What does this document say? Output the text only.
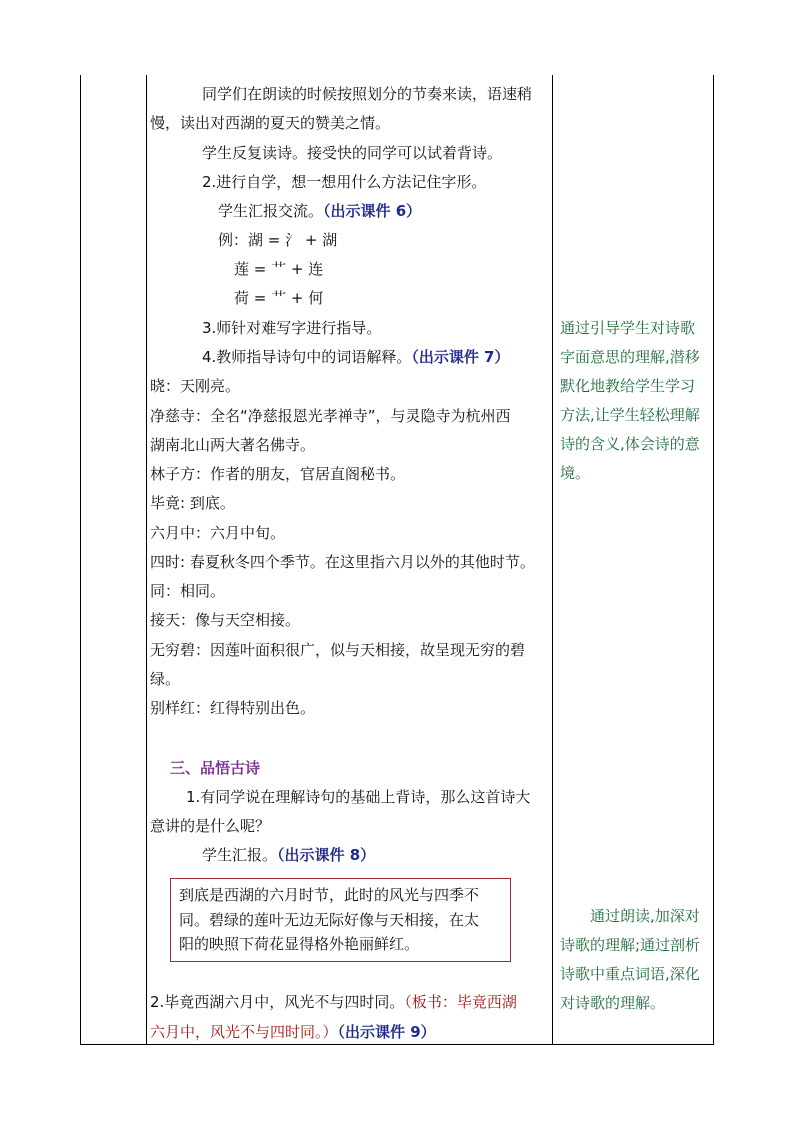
同学们在朗读的时候按照划分的节奏来读，语速稍
慢，读出对西湖的夏天的赞美之情。
学生反复读诗。接受快的同学可以试着背诗。
2.进行自学，想一想用什么方法记住字形。
学生汇报交流。（出示课件 6）
例：湖 = 氵 + 湖
莲 = 艹 + 连
荷 = 艹 + 何
3.师针对难写字进行指导。
4.教师指导诗句中的词语解释。（出示课件 7）
晓：天刚亮。
净慈寺：全名“净慈报恩光孝禅寺”，与灵隐寺为杭州西
湖南北山两大著名佛寺。
林子方：作者的朋友，官居直阁秘书。
毕竟: 到底。
六月中：六月中旬。
四时: 春夏秋冬四个季节。在这里指六月以外的其他时节。
同：相同。
接天：像与天空相接。
无穷碧：因莲叶面积很广，似与天相接，故呈现无穷的碧
绿。
别样红：红得特别出色。
三、品悟古诗
1.有同学说在理解诗句的基础上背诗，那么这首诗大
意讲的是什么呢？
学生汇报。（出示课件 8）
到底是西湖的六月时节，此时的风光与四季不
同。碧绿的莲叶无边无际好像与天相接，在太
阳的映照下荷花显得格外艳丽鲜红。
2.毕竟西湖六月中，风光不与四时同。（板书：毕竟西湖
六月中，风光不与四时同。）（出示课件 9）
通过引导学生对诗歌
字面意思的理解,潜移
默化地教给学生学习
方法,让学生轻松理解
诗的含义,体会诗的意
境。
通过朗读,加深对
诗歌的理解;通过剖析
诗歌中重点词语,深化
对诗歌的理解。
